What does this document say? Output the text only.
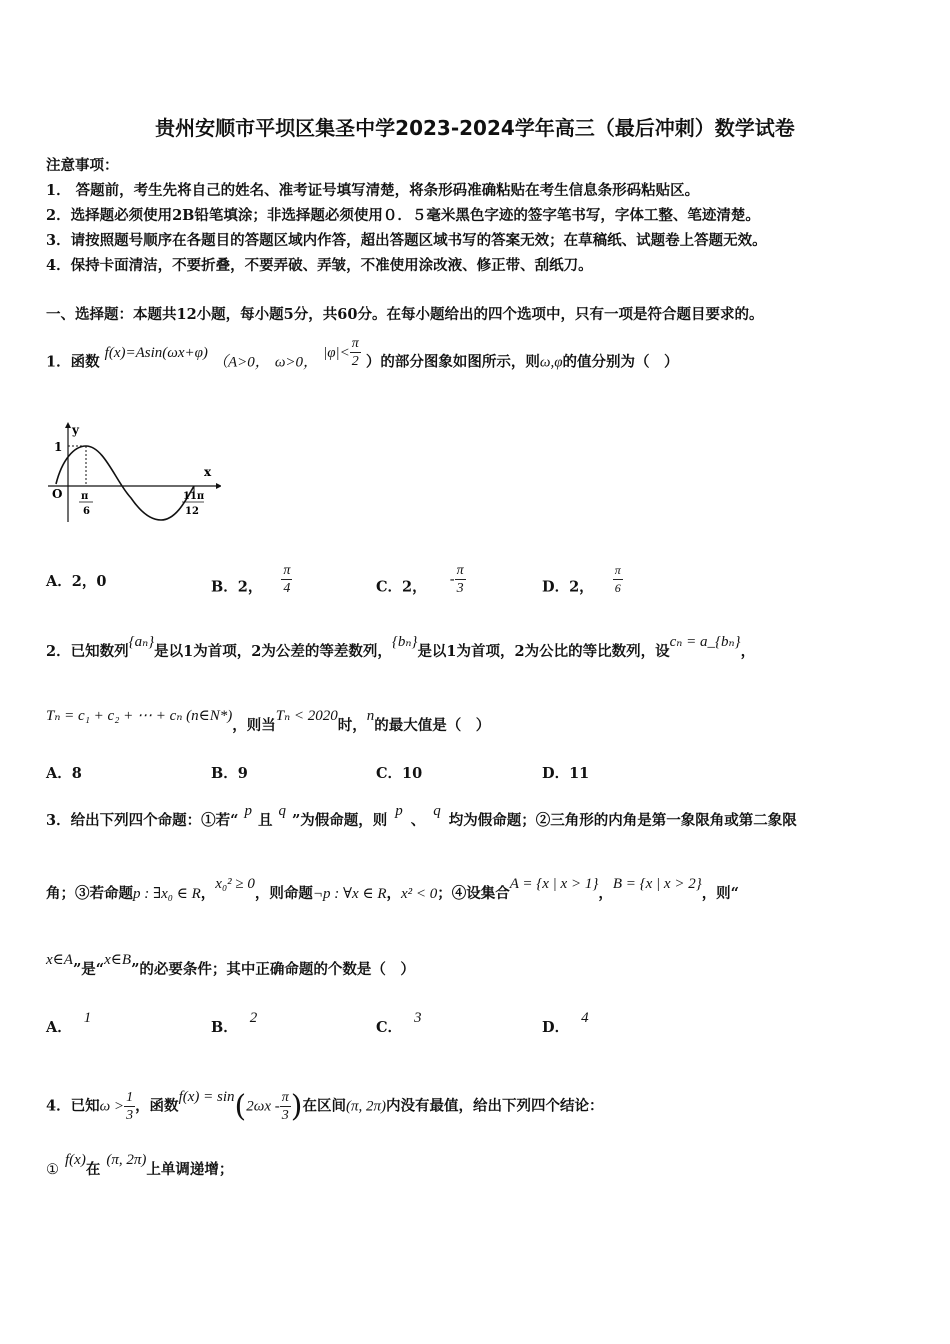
贵州安顺市平坝区集圣中学2023-2024学年高三（最后冲刺）数学试卷
注意事项：
1． 答题前，考生先将自己的姓名、准考证号填写清楚，将条形码准确粘贴在考生信息条形码粘贴区。
2．选择题必须使用2B铅笔填涂；非选择题必须使用０．５毫米黑色字迹的签字笔书写，字体工整、笔迹清楚。
3．请按照题号顺序在各题目的答题区域内作答，超出答题区域书写的答案无效；在草稿纸、试题卷上答题无效。
4．保持卡面清洁，不要折叠，不要弄破、弄皱，不准使用涂改液、修正带、刮纸刀。
一、选择题：本题共12小题，每小题5分，共60分。在每小题给出的四个选项中，只有一项是符合题目要求的。
1．函数 f(x)=Asin(ωx+φ) （A>0， ω>0， $|\varphi|< \frac{\pi}{2}$ ）的部分图象如图所示，则ω,φ的值分别为（　）
y
x
1
O π
6
11π
12
A．2，0	B．2， $\frac{\pi}{4}$	C．2， - $\frac{\pi}{3}$	D．2， $\frac{\pi}{6}$
2．已知数列{aₙ}是以1为首项，2为公差的等差数列，{bₙ}是以1为首项，2为公比的等比数列，设cₙ = a_{bₙ}，
Tₙ = c₁ + c₂ + ⋯ + cₙ (n∈N*)，则当Tₙ < 2020时，n的最大值是（　）
A．8	B．9	C．10	D．11
3．给出下列四个命题：①若“p且q”为假命题，则p、q均为假命题；②三角形的内角是第一象限角或第二象限
角；③若命题p : ∃x₀ ∈ R，x₀² ≥ 0，则命题¬p : ∀x ∈ R，x² < 0；④设集合A = {x | x > 1}，B = {x | x > 2}，则“
x∈A”是“x∈B”的必要条件；其中正确命题的个数是（　）
A．1
B．2
C．3
D．4
4．已知$\omega > \frac{1}{3}$ ，函数$f(x) = \sin(2\omega x - \frac{\pi}{3}$ )在区间(π, 2π)内没有最值，给出下列四个结论：
①f(x)在(π, 2π)上单调递增；
